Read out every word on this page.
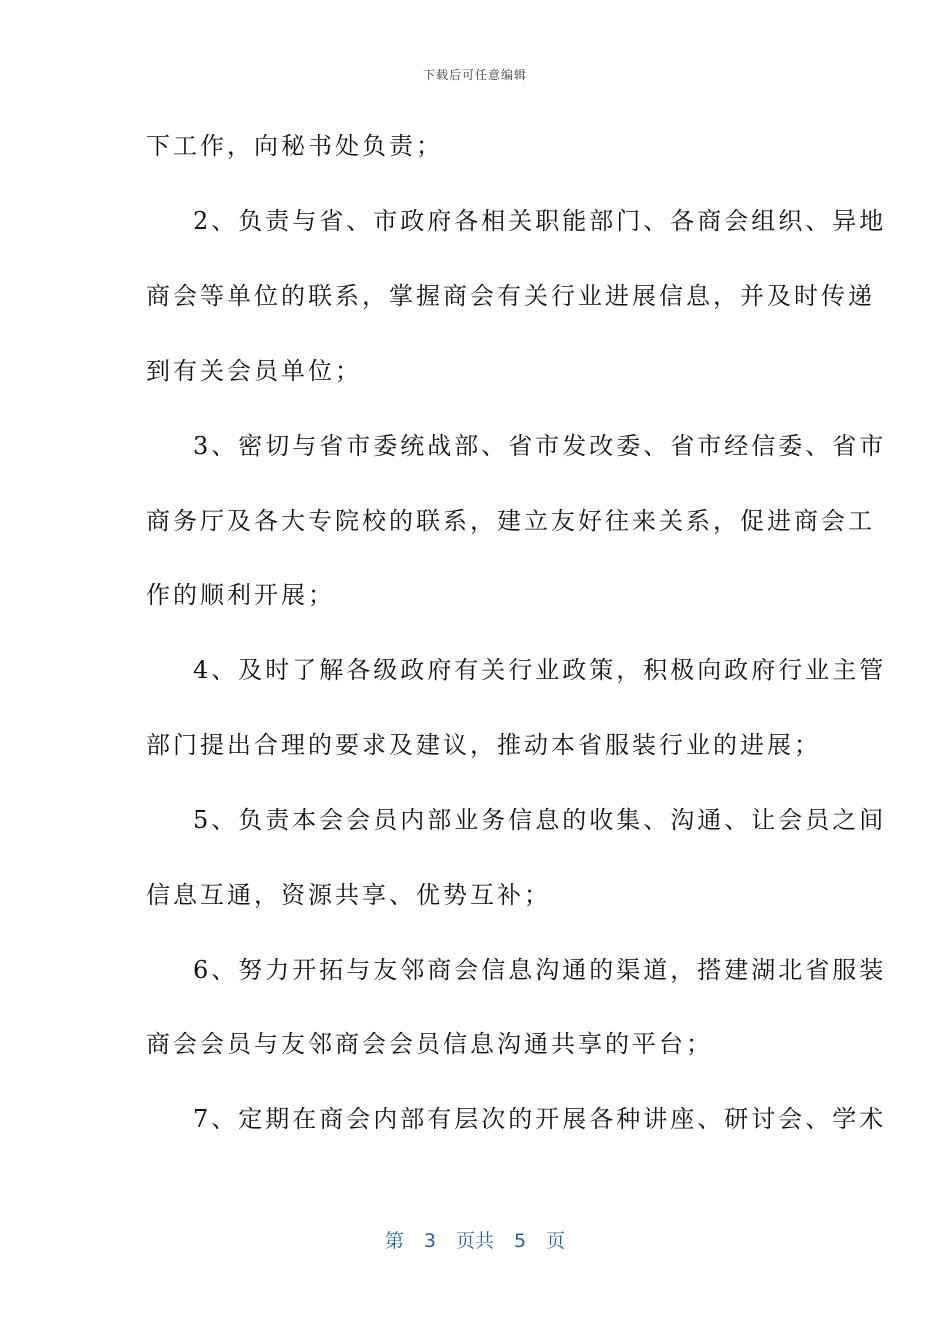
下载后可任意编辑
下工作，向秘书处负责；
2、负责与省、市政府各相关职能部门、各商会组织、异地
商会等单位的联系，掌握商会有关行业进展信息，并及时传递
到有关会员单位；
3、密切与省市委统战部、省市发改委、省市经信委、省市
商务厅及各大专院校的联系，建立友好往来关系，促进商会工
作的顺利开展；
4、及时了解各级政府有关行业政策，积极向政府行业主管
部门提出合理的要求及建议，推动本省服装行业的进展；
5、负责本会会员内部业务信息的收集、沟通、让会员之间
信息互通，资源共享、优势互补；
6、努力开拓与友邻商会信息沟通的渠道，搭建湖北省服装
商会会员与友邻商会会员信息沟通共享的平台；
7、定期在商会内部有层次的开展各种讲座、研讨会、学术
第 3 页共 5 页
